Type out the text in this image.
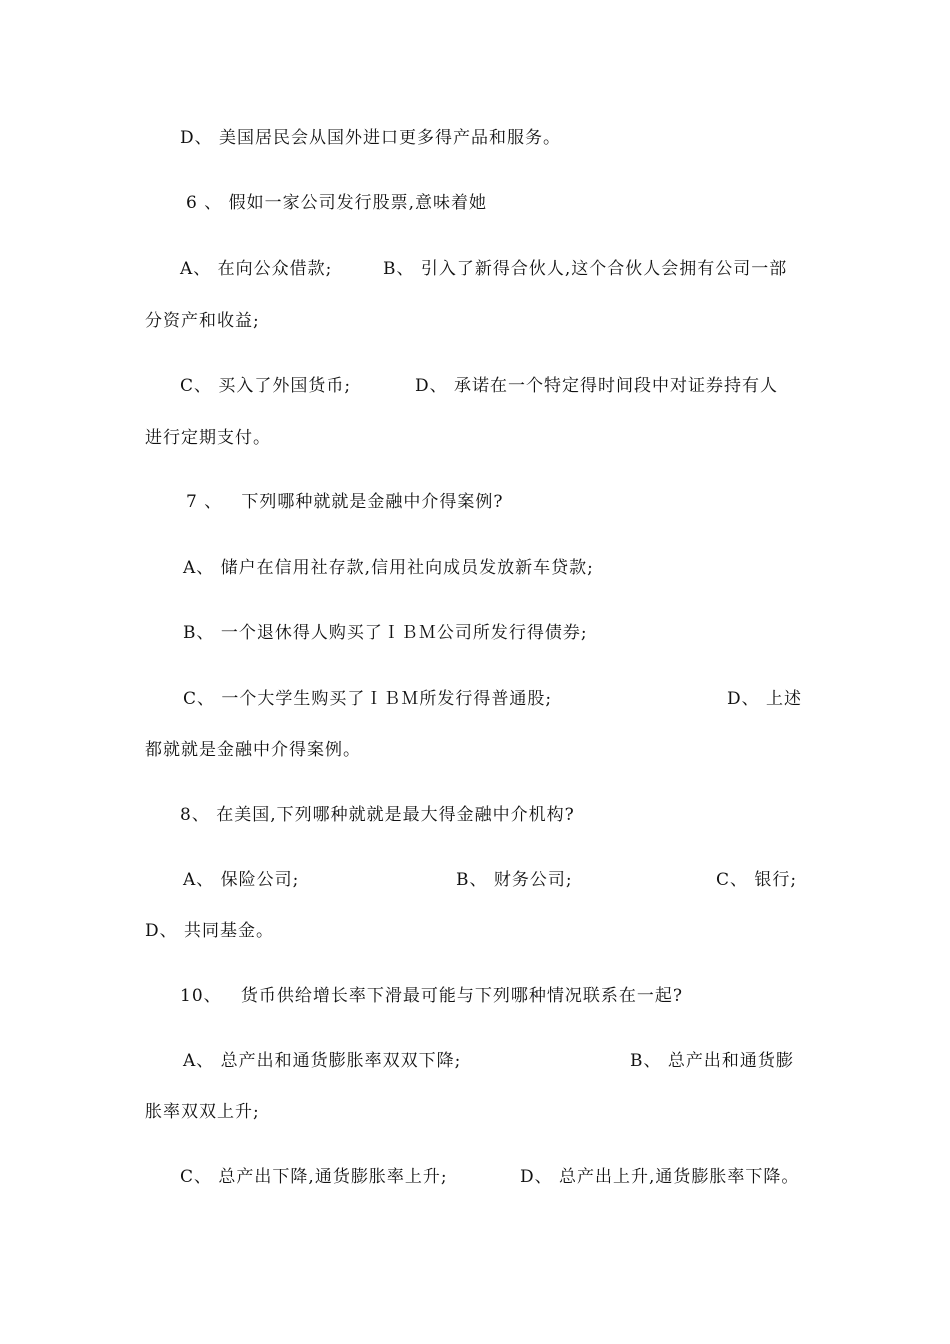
D、 美国居民会从国外进口更多得产品和服务。
6 、 假如一家公司发行股票,意味着她
A、 在向公众借款;	B、 引入了新得合伙人,这个合伙人会拥有公司一部
分资产和收益;
C、 买入了外国货币;	D、 承诺在一个特定得时间段中对证券持有人
进行定期支付。
7 、   下列哪种就就是金融中介得案例?
A、 储户在信用社存款,信用社向成员发放新车贷款;
B、 一个退休得人购买了ＩＢＭ公司所发行得债券;
C、 一个大学生购买了ＩＢＭ所发行得普通股;	D、 上述
都就就是金融中介得案例。
8、 在美国,下列哪种就就是最大得金融中介机构?
A、 保险公司;	B、 财务公司;	C、 银行;
D、 共同基金。
10、   货币供给增长率下滑最可能与下列哪种情况联系在一起?
A、 总产出和通货膨胀率双双下降;	B、 总产出和通货膨
胀率双双上升;
C、 总产出下降,通货膨胀率上升;	D、 总产出上升,通货膨胀率下降。
